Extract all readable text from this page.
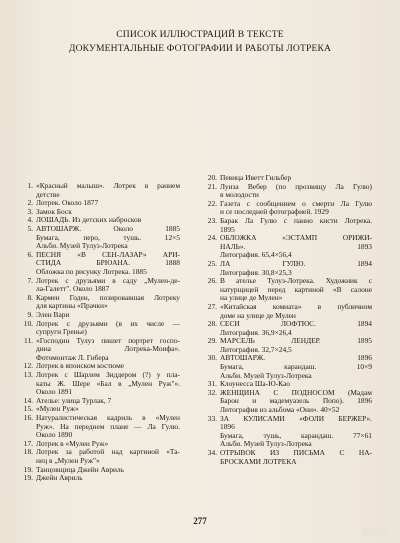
СПИСОК ИЛЛЮСТРАЦИЙ В ТЕКСТЕ
ДОКУМЕНТАЛЬНЫЕ ФОТОГРАФИИ И РАБОТЫ ЛОТРЕКА
1. «Красный малыш». Лотрек в раннем
детстве
2. Лотрек. Около 1877
3. Замок Боск
4. ЛОШАДЬ. Из детских набросков
5. АВТОШАРЖ. Около 1885
Бумага, перо, тушь. 12×5
Альби. Музей Тулуз-Лотрека
6. ПЕСНЯ «В СЕН-ЛАЗАР» АРИ-
СТИДА БРЮАНА. 1888
Обложка по рисунку Лотрека. 1885
7. Лотрек с друзьями в саду „Мулен-де-
ла-Галетт". Около 1887
8. Кармен Годен, позировавшая Лотреку
для картины «Прачки»
9. Элен Вари
10. Лотрек с друзьями (в их числе —
супруги Гренье)
11. «Господин Тулуз пишет портрет госпо-
дина Лотрека-Моифа».
Фотомонтаж Л. Гибера
12. Лотрек в японском костюме
13. Лотрек с Шарлем Зиддером (?) у пла-
каты Ж. Шере «Бал в „Мулен Руж"».
Около 1891
14. Ателье: улица Турлак, 7
15. «Мулен Руж»
16. Натуралистическая кадриль в «Мулен
Руж». На переднем плане — Ла Гулю.
Около 1890
17. Лотрек в «Мулен Руж»
18. Лотрек за работой над картиной «Та-
нец в „Мулен Руж"»
19. Танцовщица Джейн Авриль
19. Джейн Авриль
20. Певица Иветт Гильбер
21. Луиза Вебер (по прозвищу Ла Гулю)
в молодости
22. Газета с сообщением о смерти Ла Гулю
и се последней фотографией. 1929
23. Барак Ла Гулю с панно кисти Лотрека.
1895
24. ОБЛОЖКА «ЭСТАМП ОРИЖИ-
НАЛЬ». 1893
Литография. 65,4×56,4
25. ЛА ГУЛЮ. 1894
Литография. 30,8×25,3
26. В ателье Тулуз-Лотрека. Художник с
натурщицей перед картиной «В салоне
на улице де Мулен»
27. «Китайская комната» в публичном
доме на улице де Мулен
28. СЕСИ ЛОФТЮС. 1894
Литография. 36,9×26,4
29. МАРСЕЛЬ ЛЕНДЕР. 1895
Литография. 32,7×24,5
30. АВТОШАРЖ. 1896
Бумага, карандаш. 10×9
Альби. Музей Тулуз-Лотрека
31. Клоунесса Ша-Ю-Као
32. ЖЕНЩИНА С ПОДНОСОМ (Мадам
Барон и мадемуазель Попо). 1896
Литография из альбома «Они». 40×52
33. ЗА КУЛИСАМИ «ФОЛИ БЕРЖЕР».
1896
Бумага, тушь, карандаш. 77×61
Альби. Музей Тулуз-Лотрека
34. ОТРЫВОК ИЗ ПИСЬМА С НА-
БРОСКАМИ ЛОТРЕКА
277
au.ru
